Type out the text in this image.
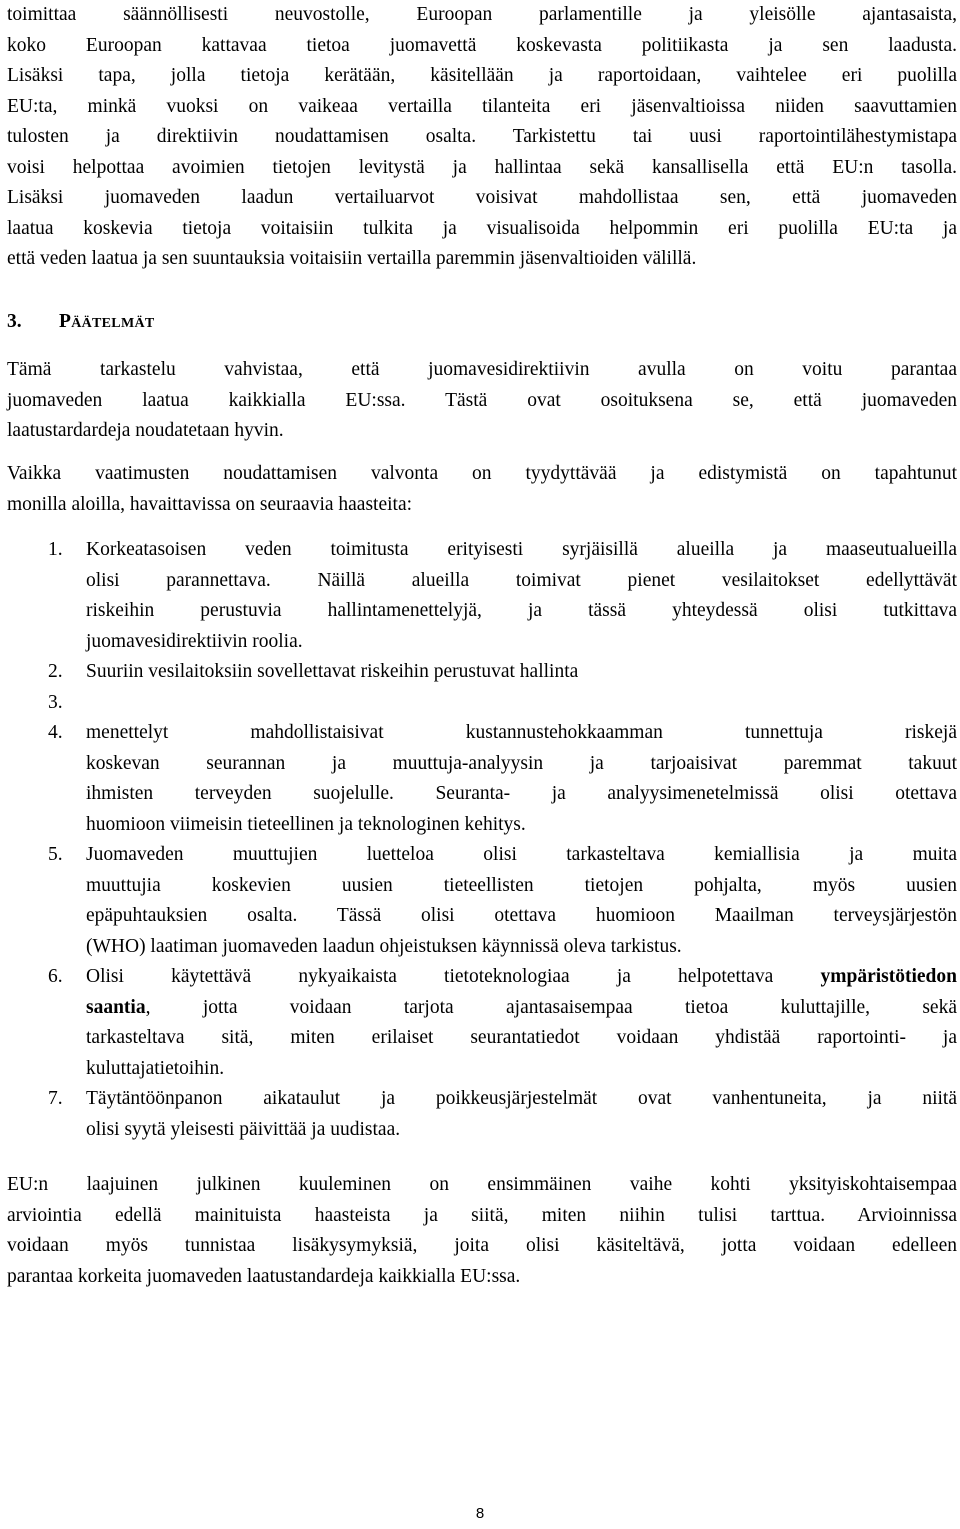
toimittaa säännöllisesti neuvostolle, Euroopan parlamentille ja yleisölle ajantasaista,
koko Euroopan kattavaa tietoa juomavettä koskevasta politiikasta ja sen laadusta.
Lisäksi tapa, jolla tietoja kerätään, käsitellään ja raportoidaan, vaihtelee eri puolilla
EU:ta, minkä vuoksi on vaikeaa vertailla tilanteita eri jäsenvaltioissa niiden saavuttamien
tulosten ja direktiivin noudattamisen osalta. Tarkistettu tai uusi raportointilähestymistapa
voisi helpottaa avoimien tietojen levitystä ja hallintaa sekä kansallisella että EU:n tasolla.
Lisäksi juomaveden laadun vertailuarvot voisivat mahdollistaa sen, että juomaveden
laatua koskevia tietoja voitaisiin tulkita ja visualisoida helpommin eri puolilla EU:ta ja
että veden laatua ja sen suuntauksia voitaisiin vertailla paremmin jäsenvaltioiden välillä.

3. Päätelmät

Tämä tarkastelu vahvistaa, että juomavesidirektiivin avulla on voitu parantaa
juomaveden laatua kaikkialla EU:ssa. Tästä ovat osoituksena se, että juomaveden
laatustardardeja noudatetaan hyvin.

Vaikka vaatimusten noudattamisen valvonta on tyydyttävää ja edistymistä on tapahtunut
monilla aloilla, havaittavissa on seuraavia haasteita:

1. Korkeatasoisen veden toimitusta erityisesti syrjäisillä alueilla ja maaseutualueilla
olisi parannettava. Näillä alueilla toimivat pienet vesilaitokset edellyttävät
riskeihin perustuvia hallintamenettelyjä, ja tässä yhteydessä olisi tutkittava
juomavesidirektiivin roolia.
2. Suuriin vesilaitoksiin sovellettavat riskeihin perustuvat hallinta
3.

4. menettelyt mahdollistaisivat kustannustehokkaamman tunnettuja riskejä
koskevan seurannan ja muuttuja-analyysin ja tarjoaisivat paremmat takuut
ihmisten terveyden suojelulle. Seuranta- ja analyysimenetelmissä olisi otettava
huomioon viimeisin tieteellinen ja teknologinen kehitys.
5. Juomaveden muuttujien luetteloa olisi tarkasteltava kemiallisia ja muita
muuttujia koskevien uusien tieteellisten tietojen pohjalta, myös uusien
epäpuhtauksien osalta. Tässä olisi otettava huomioon Maailman terveysjärjestön
(WHO) laatiman juomaveden laadun ohjeistuksen käynnissä oleva tarkistus.
6. Olisi käytettävä nykyaikaista tietoteknologiaa ja helpotettava ympäristötiedon
saantia, jotta voidaan tarjota ajantasaisempaa tietoa kuluttajille, sekä
tarkasteltava sitä, miten erilaiset seurantatiedot voidaan yhdistää raportointi- ja
kuluttajatietoihin.
7. Täytäntöönpanon aikataulut ja poikkeusjärjestelmät ovat vanhentuneita, ja niitä
olisi syytä yleisesti päivittää ja uudistaa.

EU:n laajuinen julkinen kuuleminen on ensimmäinen vaihe kohti yksityiskohtaisempaa
arviointia edellä mainituista haasteista ja siitä, miten niihin tulisi tarttua. Arvioinnissa
voidaan myös tunnistaa lisäkysymyksiä, joita olisi käsiteltävä, jotta voidaan edelleen
parantaa korkeita juomaveden laatustandardeja kaikkialla EU:ssa.

8
